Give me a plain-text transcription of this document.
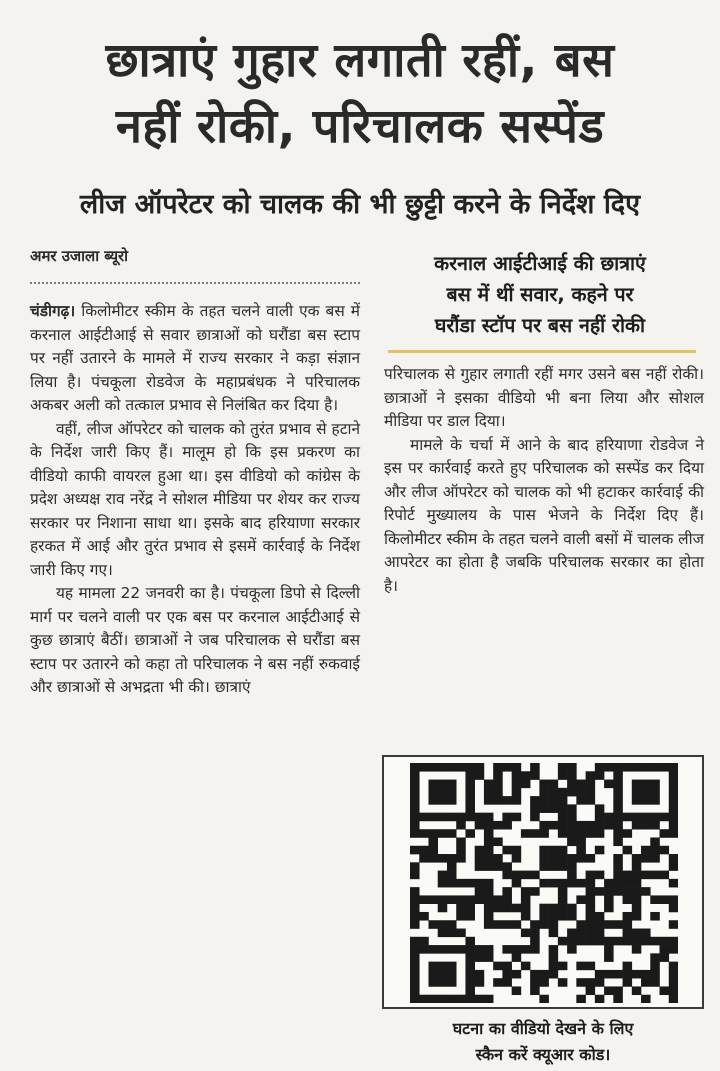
छात्राएं गुहार लगाती रहीं, बस
नहीं रोकी, परिचालक सस्पेंड
लीज ऑपरेटर को चालक की भी छुट्टी करने के निर्देश दिए
अमर उजाला ब्यूरो

चंडीगढ़। किलोमीटर स्कीम के तहत चलने वाली एक बस में करनाल आईटीआई से सवार छात्राओं को घरौंडा बस स्टाप पर नहीं उतारने के मामले में राज्य सरकार ने कड़ा संज्ञान लिया है। पंचकूला रोडवेज के महाप्रबंधक ने परिचालक अकबर अली को तत्काल प्रभाव से निलंबित कर दिया है।

वहीं, लीज ऑपरेटर को चालक को तुरंत प्रभाव से हटाने के निर्देश जारी किए हैं। मालूम हो कि इस प्रकरण का वीडियो काफी वायरल हुआ था। इस वीडियो को कांग्रेस के प्रदेश अध्यक्ष राव नरेंद्र ने सोशल मीडिया पर शेयर कर राज्य सरकार पर निशाना साधा था। इसके बाद हरियाणा सरकार हरकत में आई और तुरंत प्रभाव से इसमें कार्रवाई के निर्देश जारी किए गए।

यह मामला 22 जनवरी का है। पंचकूला डिपो से दिल्ली मार्ग पर चलने वाली पर एक बस पर करनाल आईटीआई से कुछ छात्राएं बैठीं। छात्राओं ने जब परिचालक से घरौंडा बस स्टाप पर उतारने को कहा तो परिचालक ने बस नहीं रुकवाई और छात्राओं से अभद्रता भी की। छात्राएं

करनाल आईटीआई की छात्राएं
बस में थीं सवार, कहने पर
घरौंडा स्टॉप पर बस नहीं रोकी

परिचालक से गुहार लगाती रहीं मगर उसने बस नहीं रोकी। छात्राओं ने इसका वीडियो भी बना लिया और सोशल मीडिया पर डाल दिया।

मामले के चर्चा में आने के बाद हरियाणा रोडवेज ने इस पर कार्रवाई करते हुए परिचालक को सस्पेंड कर दिया और लीज ऑपरेटर को चालक को भी हटाकर कार्रवाई की रिपोर्ट मुख्यालय के पास भेजने के निर्देश दिए हैं। किलोमीटर स्कीम के तहत चलने वाली बसों में चालक लीज आपरेटर का होता है जबकि परिचालक सरकार का होता है।

घटना का वीडियो देखने के लिए
स्कैन करें क्यूआर कोड।
